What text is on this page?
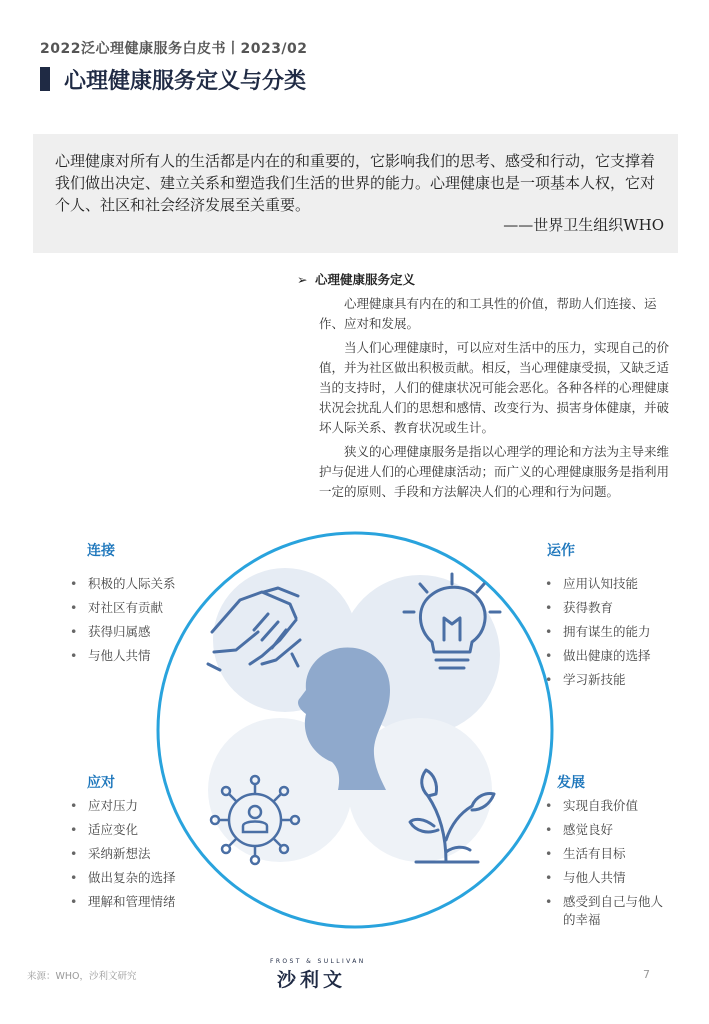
2022泛心理健康服务白皮书丨2023/02
心理健康服务定义与分类
心理健康对所有人的生活都是内在的和重要的，它影响我们的思考、感受和行动，它支撑着我们做出决定、建立关系和塑造我们生活的世界的能力。心理健康也是一项基本人权，它对个人、社区和社会经济发展至关重要。
——世界卫生组织WHO
➢ 心理健康服务定义

心理健康具有内在的和工具性的价值，帮助人们连接、运作、应对和发展。

当人们心理健康时，可以应对生活中的压力，实现自己的价值，并为社区做出积极贡献。相反，当心理健康受损，又缺乏适当的支持时，人们的健康状况可能会恶化。各种各样的心理健康状况会扰乱人们的思想和感情、改变行为、损害身体健康，并破坏人际关系、教育状况或生计。

狭义的心理健康服务是指以心理学的理论和方法为主导来维护与促进人们的心理健康活动；而广义的心理健康服务是指利用一定的原则、手段和方法解决人们的心理和行为问题。

连接
• 积极的人际关系
• 对社区有贡献
• 获得归属感
• 与他人共情
运作
• 应用认知技能
• 获得教育
• 拥有谋生的能力
• 做出健康的选择
• 学习新技能
应对
• 应对压力
• 适应变化
• 采纳新想法
• 做出复杂的选择
• 理解和管理情绪
发展
• 实现自我价值
• 感觉良好
• 生活有目标
• 与他人共情
• 感受到自己与他人的幸福
来源：WHO，沙利文研究
FROST & SULLIVAN
沙利文	7
